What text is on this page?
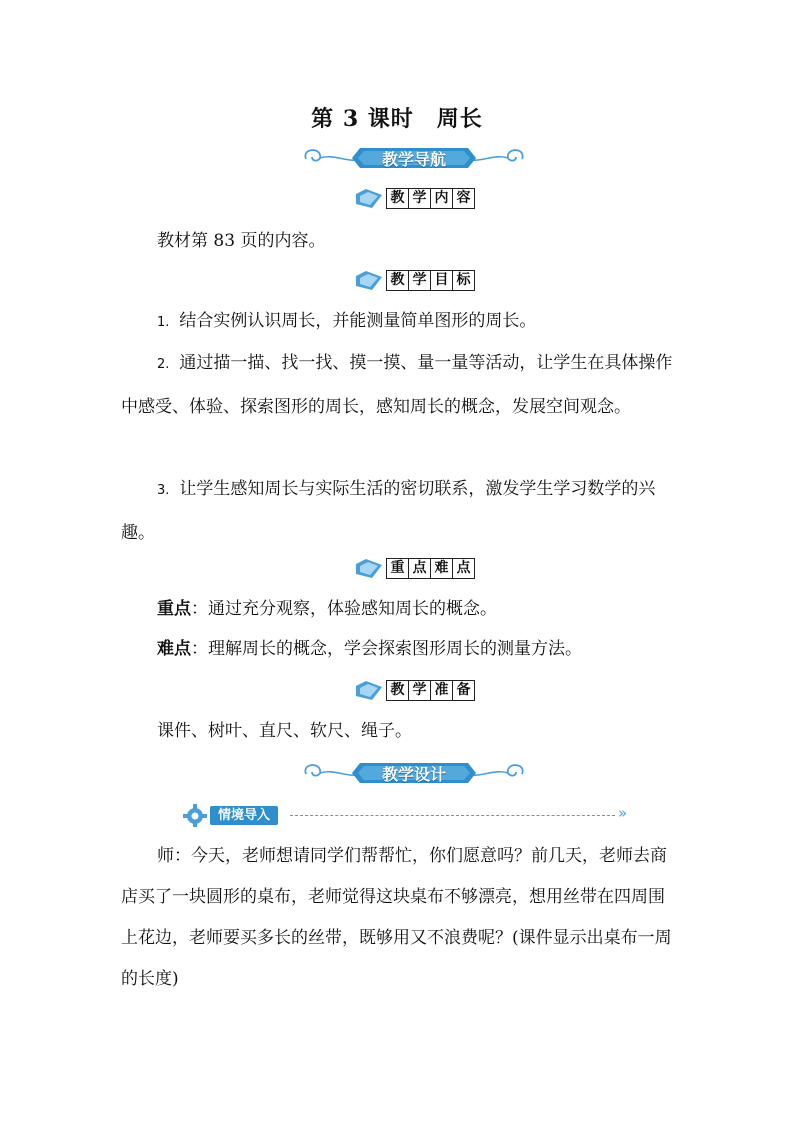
第 3 课时　周长
教学导航
教 学 内 容
教材第 83 页的内容。
教 学 目 标
1. 结合实例认识周长，并能测量简单图形的周长。
2. 通过描一描、找一找、摸一摸、量一量等活动，让学生在具体操作中感受、体验、探索图形的周长，感知周长的概念，发展空间观念。
3. 让学生感知周长与实际生活的密切联系，激发学生学习数学的兴趣。
重 点 难 点
重点：通过充分观察，体验感知周长的概念。
难点：理解周长的概念，学会探索图形周长的测量方法。
教 学 准 备
课件、树叶、直尺、软尺、绳子。
教学设计
情境导入	»
师：今天，老师想请同学们帮帮忙，你们愿意吗？前几天，老师去商店买了一块圆形的桌布，老师觉得这块桌布不够漂亮，想用丝带在四周围上花边，老师要买多长的丝带，既够用又不浪费呢？(课件显示出桌布一周的长度)
